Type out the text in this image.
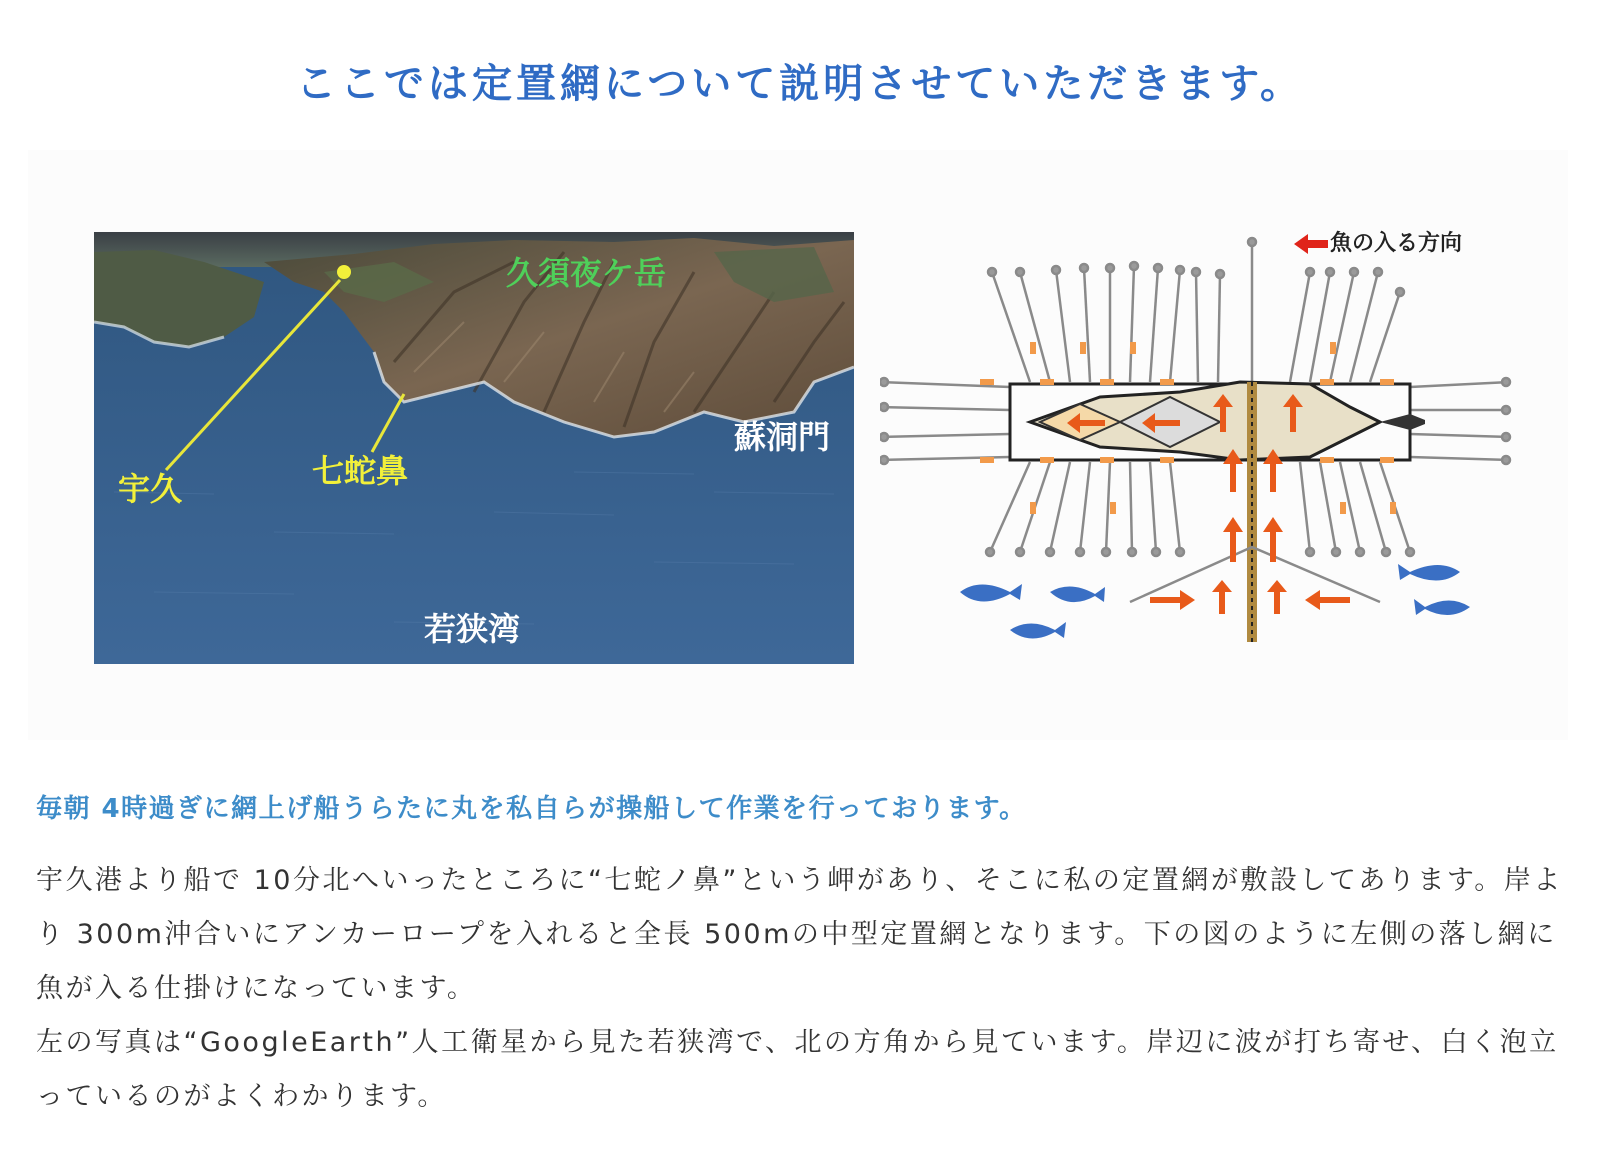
ここでは定置網について説明させていただきます。
久須夜ケ岳
宇久	七蛇鼻
蘇洞門
若狭湾
魚の入る方向
毎朝 4時過ぎに網上げ船うらたに丸を私自らが操船して作業を行っております。

宇久港より船で 10分北へいったところに“七蛇ノ鼻”という岬があり、そこに私の定置網が敷設してあります。岸より 300m沖合いにアンカーロープを入れると全長 500mの中型定置網となります。下の図のように左側の落し網に魚が入る仕掛けになっています。

左の写真は“GoogleEarth”人工衛星から見た若狭湾で、北の方角から見ています。岸辺に波が打ち寄せ、白く泡立っているのがよくわかります。
